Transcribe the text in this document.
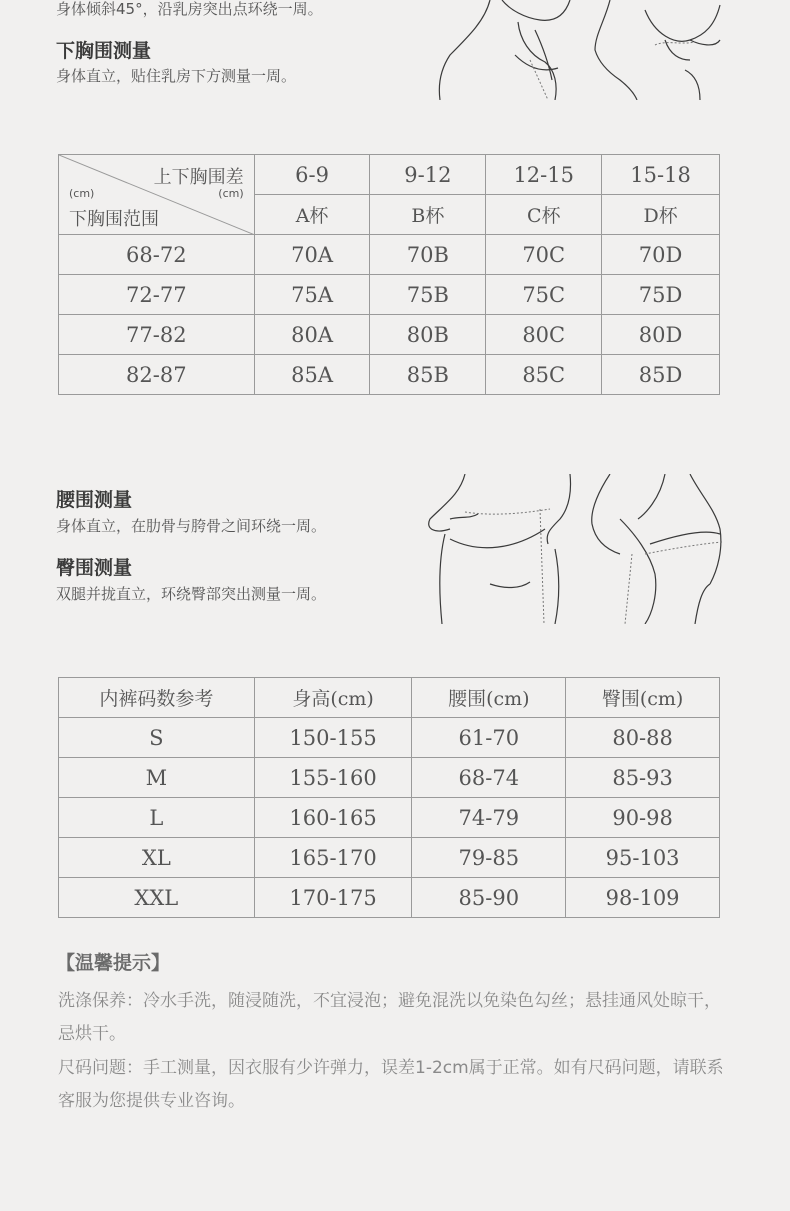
身体倾斜45°，沿乳房突出点环绕一周。
下胸围测量
身体直立，贴住乳房下方测量一周。
上下胸围差
(cm) (cm)
下胸围范围	6-9	9-12	12-15	15-18
	A杯	B杯	C杯	D杯
68-72	70A	70B	70C	70D
72-77	75A	75B	75C	75D
77-82	80A	80B	80C	80D
82-87	85A	85B	85C	85D
腰围测量
身体直立，在肋骨与胯骨之间环绕一周。
臀围测量
双腿并拢直立，环绕臀部突出测量一周。
内裤码数参考	身高(cm)	腰围(cm)	臀围(cm)
S	150-155	61-70	80-88
M	155-160	68-74	85-93
L	160-165	74-79	90-98
XL	165-170	79-85	95-103
XXL	170-175	85-90	98-109
【温馨提示】
洗涤保养：冷水手洗，随浸随洗，不宜浸泡；避免混洗以免染色勾丝；悬挂通风处晾干，忌烘干。
尺码问题：手工测量，因衣服有少许弹力，误差1-2cm属于正常。如有尺码问题，请联系客服为您提供专业咨询。
